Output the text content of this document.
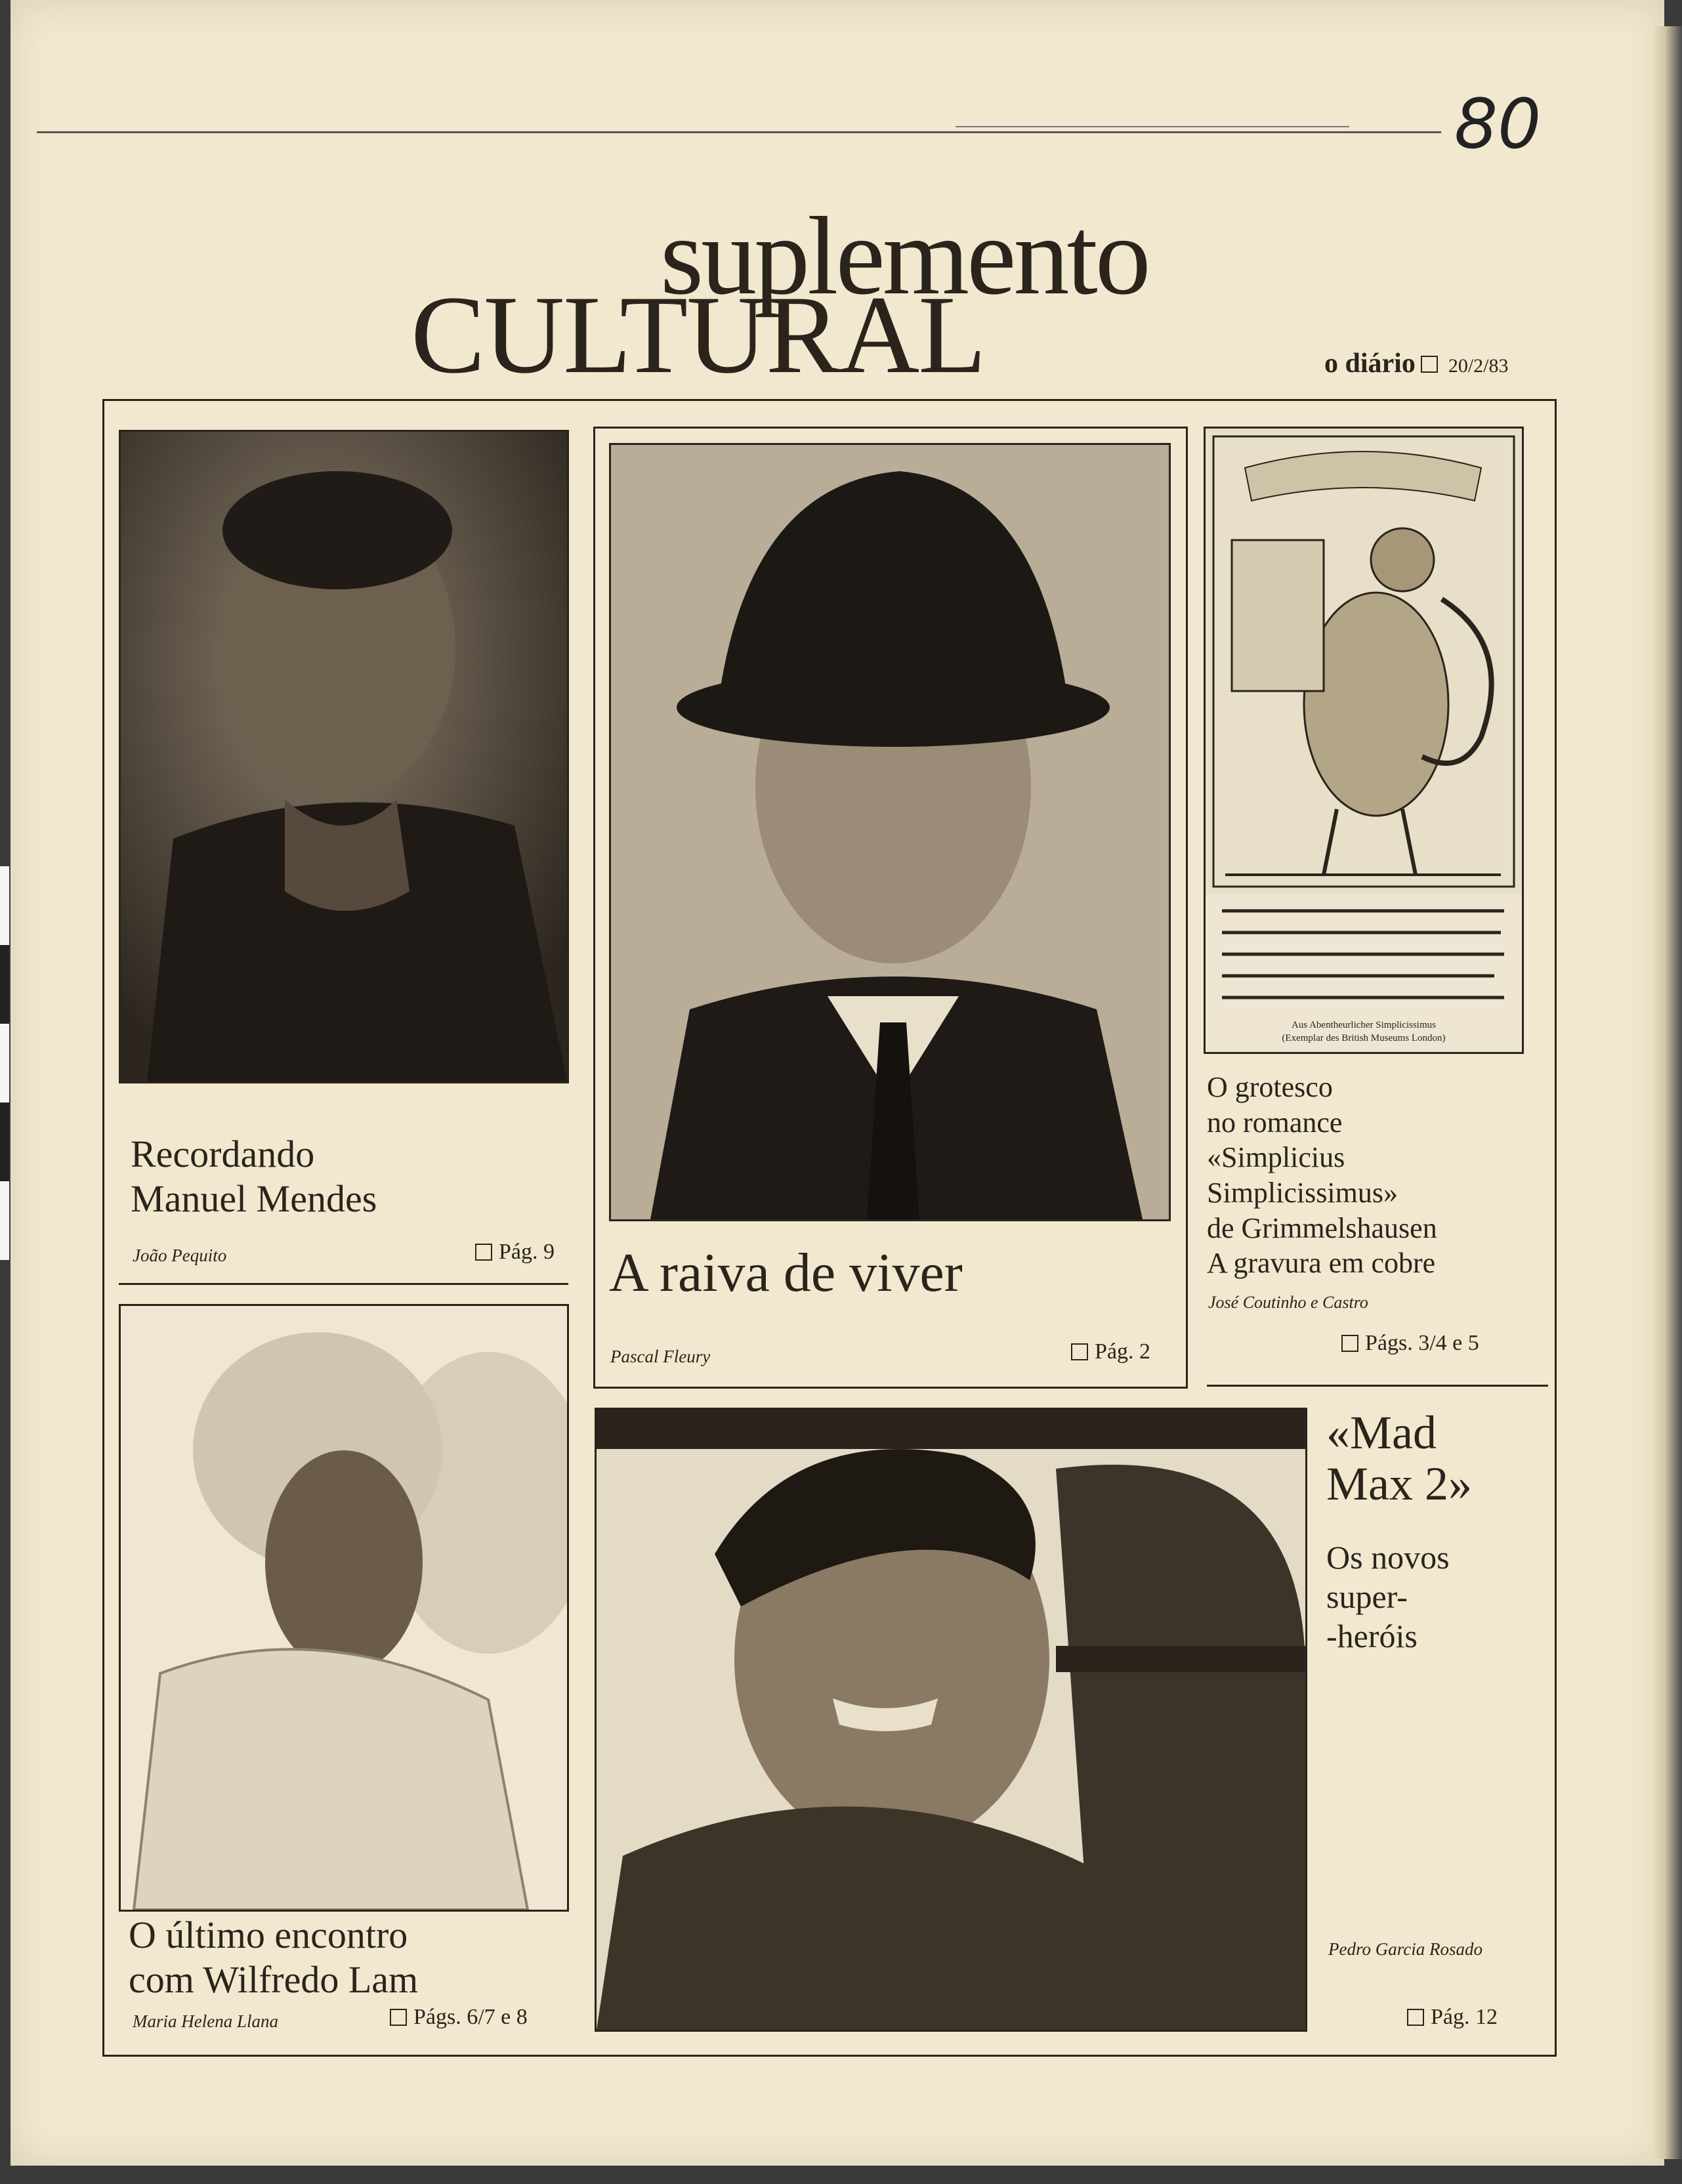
80
suplemento
CULTURAL	o diário 20/2/83
Recordando
Manuel Mendes
João Pequito	Pág. 9 A raiva de viver
Pascal Fleury	Pág. 2
Aus Abentheurlicher Simplicissimus
(Exemplar des British Museums London)
O grotesco
no romance
«Simplicius
Simplicissimus»
de Grimmelshausen
A gravura em cobre
José Coutinho e Castro
Págs. 3/4 e 5
O último encontro
com Wilfredo Lam
Maria Helena Llana	Págs. 6/7 e 8
«Mad
Max 2»
Os novos
super-
-heróis
Pedro Garcia Rosado
Pág. 12
